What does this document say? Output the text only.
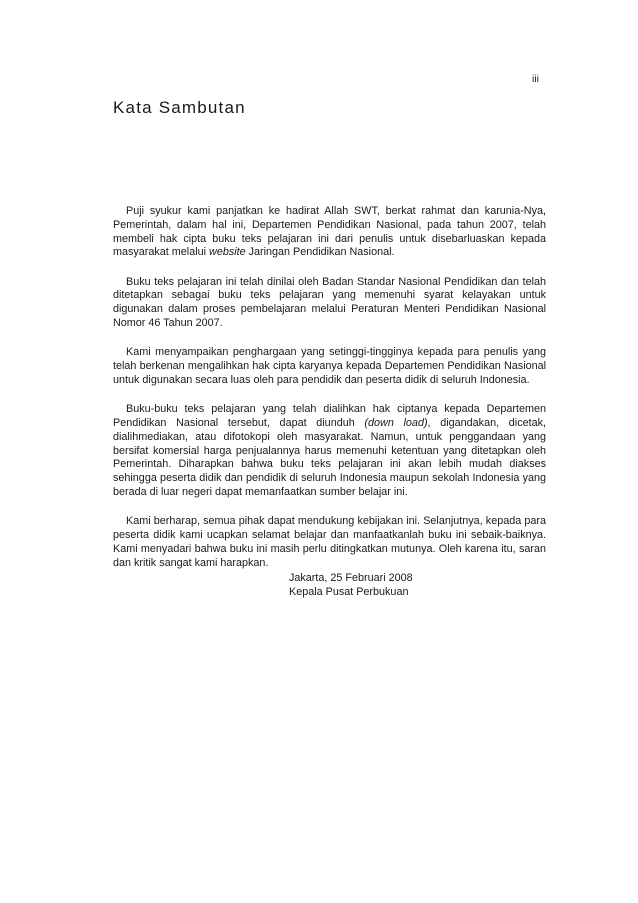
iii
Kata Sambutan

Puji syukur kami panjatkan ke hadirat Allah SWT, berkat rahmat dan karunia-Nya, Pemerintah, dalam hal ini, Departemen Pendidikan Nasional, pada tahun 2007, telah membeli hak cipta buku teks pelajaran ini dari penulis untuk disebarluaskan kepada masyarakat melalui website Jaringan Pendidikan Nasional.

Buku teks pelajaran ini telah dinilai oleh Badan Standar Nasional Pendidikan dan telah ditetapkan sebagai buku teks pelajaran yang memenuhi syarat kelayakan untuk digunakan dalam proses pembelajaran melalui Peraturan Menteri Pendidikan Nasional Nomor 46 Tahun 2007.

Kami menyampaikan penghargaan yang setinggi-tingginya kepada para penulis yang telah berkenan mengalihkan hak cipta karyanya kepada Departemen Pendidikan Nasional untuk digunakan secara luas oleh para pendidik dan peserta didik di seluruh Indonesia.

Buku-buku teks pelajaran yang telah dialihkan hak ciptanya kepada Departemen Pendidikan Nasional tersebut, dapat diunduh (down load), digandakan, dicetak, dialihmediakan, atau difotokopi oleh masyarakat. Namun, untuk penggandaan yang bersifat komersial harga penjualannya harus memenuhi ketentuan yang ditetapkan oleh Pemerintah. Diharapkan bahwa buku teks pelajaran ini akan lebih mudah diakses sehingga peserta didik dan pendidik di seluruh Indonesia maupun sekolah Indonesia yang berada di luar negeri dapat memanfaatkan sumber belajar ini.

Kami berharap, semua pihak dapat mendukung kebijakan ini. Selanjutnya, kepada para peserta didik kami ucapkan selamat belajar dan manfaatkanlah buku ini sebaik-baiknya. Kami menyadari bahwa buku ini masih perlu ditingkatkan mutunya. Oleh karena itu, saran dan kritik sangat kami harapkan.

Jakarta, 25 Februari 2008
Kepala Pusat Perbukuan
